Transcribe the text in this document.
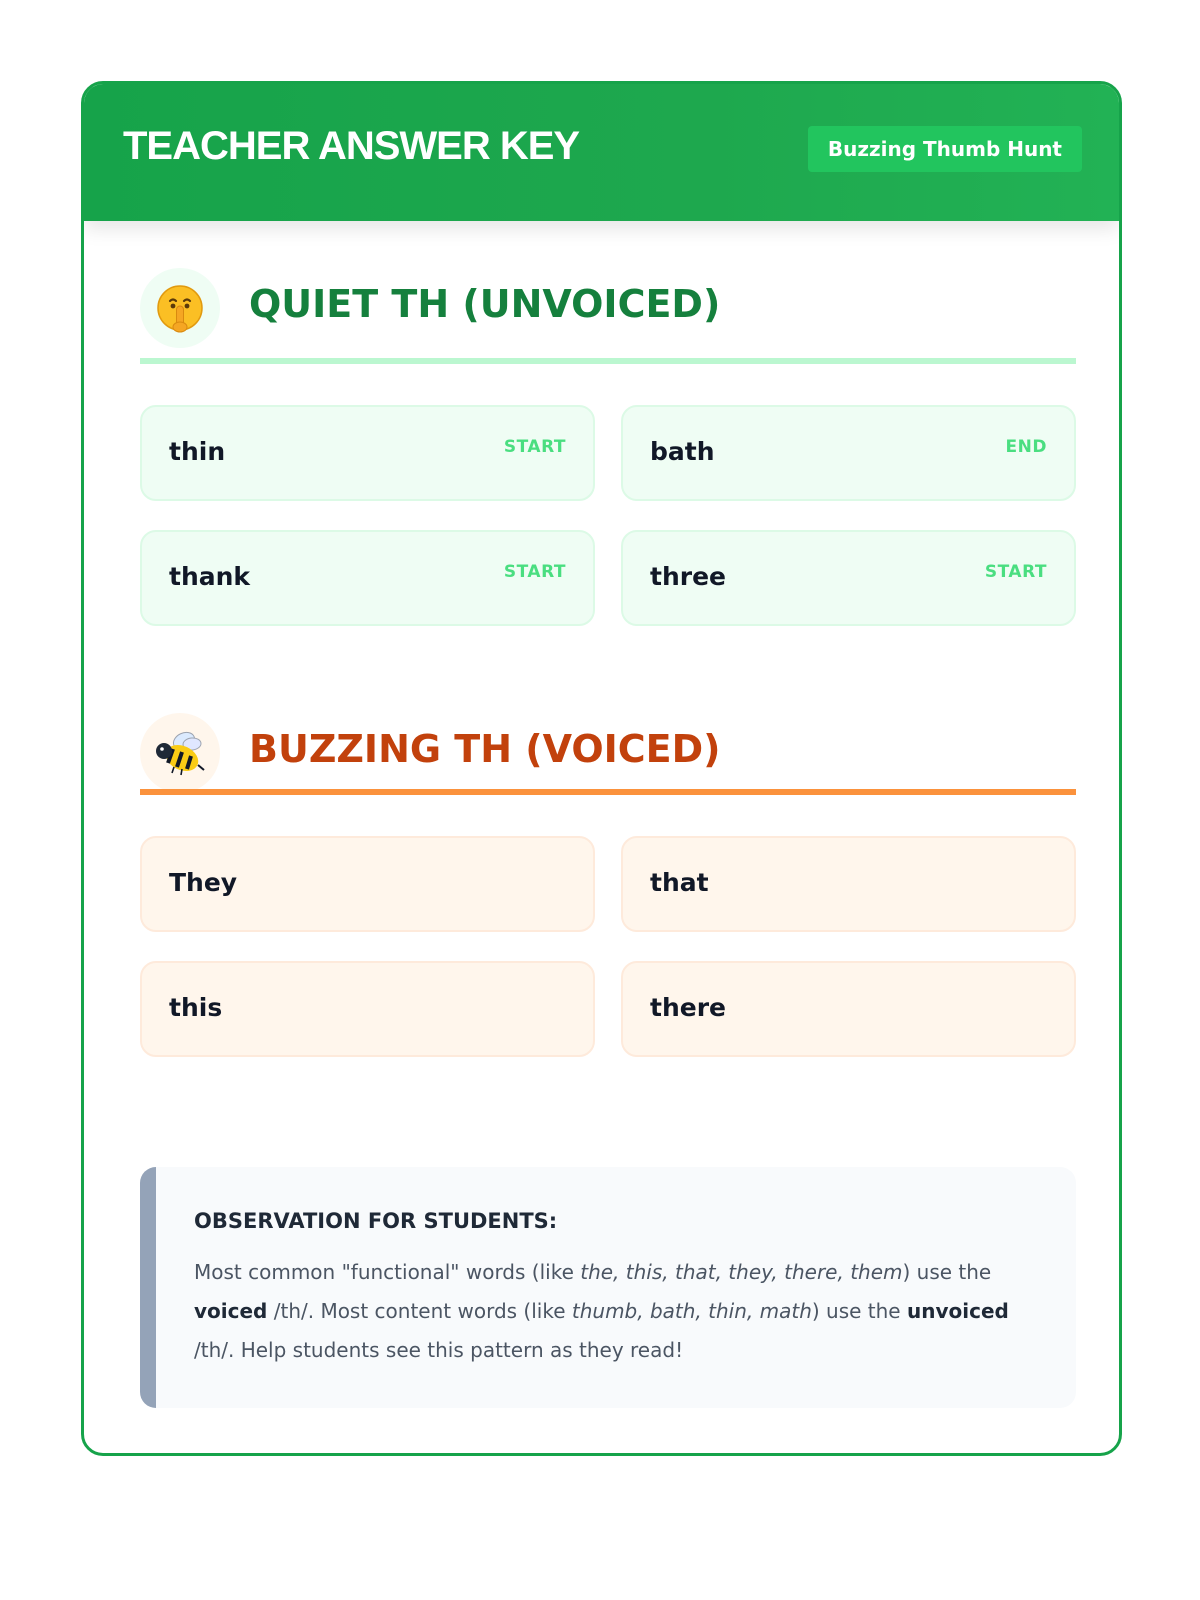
TEACHER ANSWER KEY	Buzzing Thumb Hunt
QUIET TH (UNVOICED)
thin	START	bath	END
thank	START	three	START
BUZZING TH (VOICED)
They	that
this	there
OBSERVATION FOR STUDENTS:
Most common "functional" words (like the, this, that, they, there, them) use the voiced /th/. Most content words (like thumb, bath, thin, math) use the unvoiced /th/. Help students see this pattern as they read!
